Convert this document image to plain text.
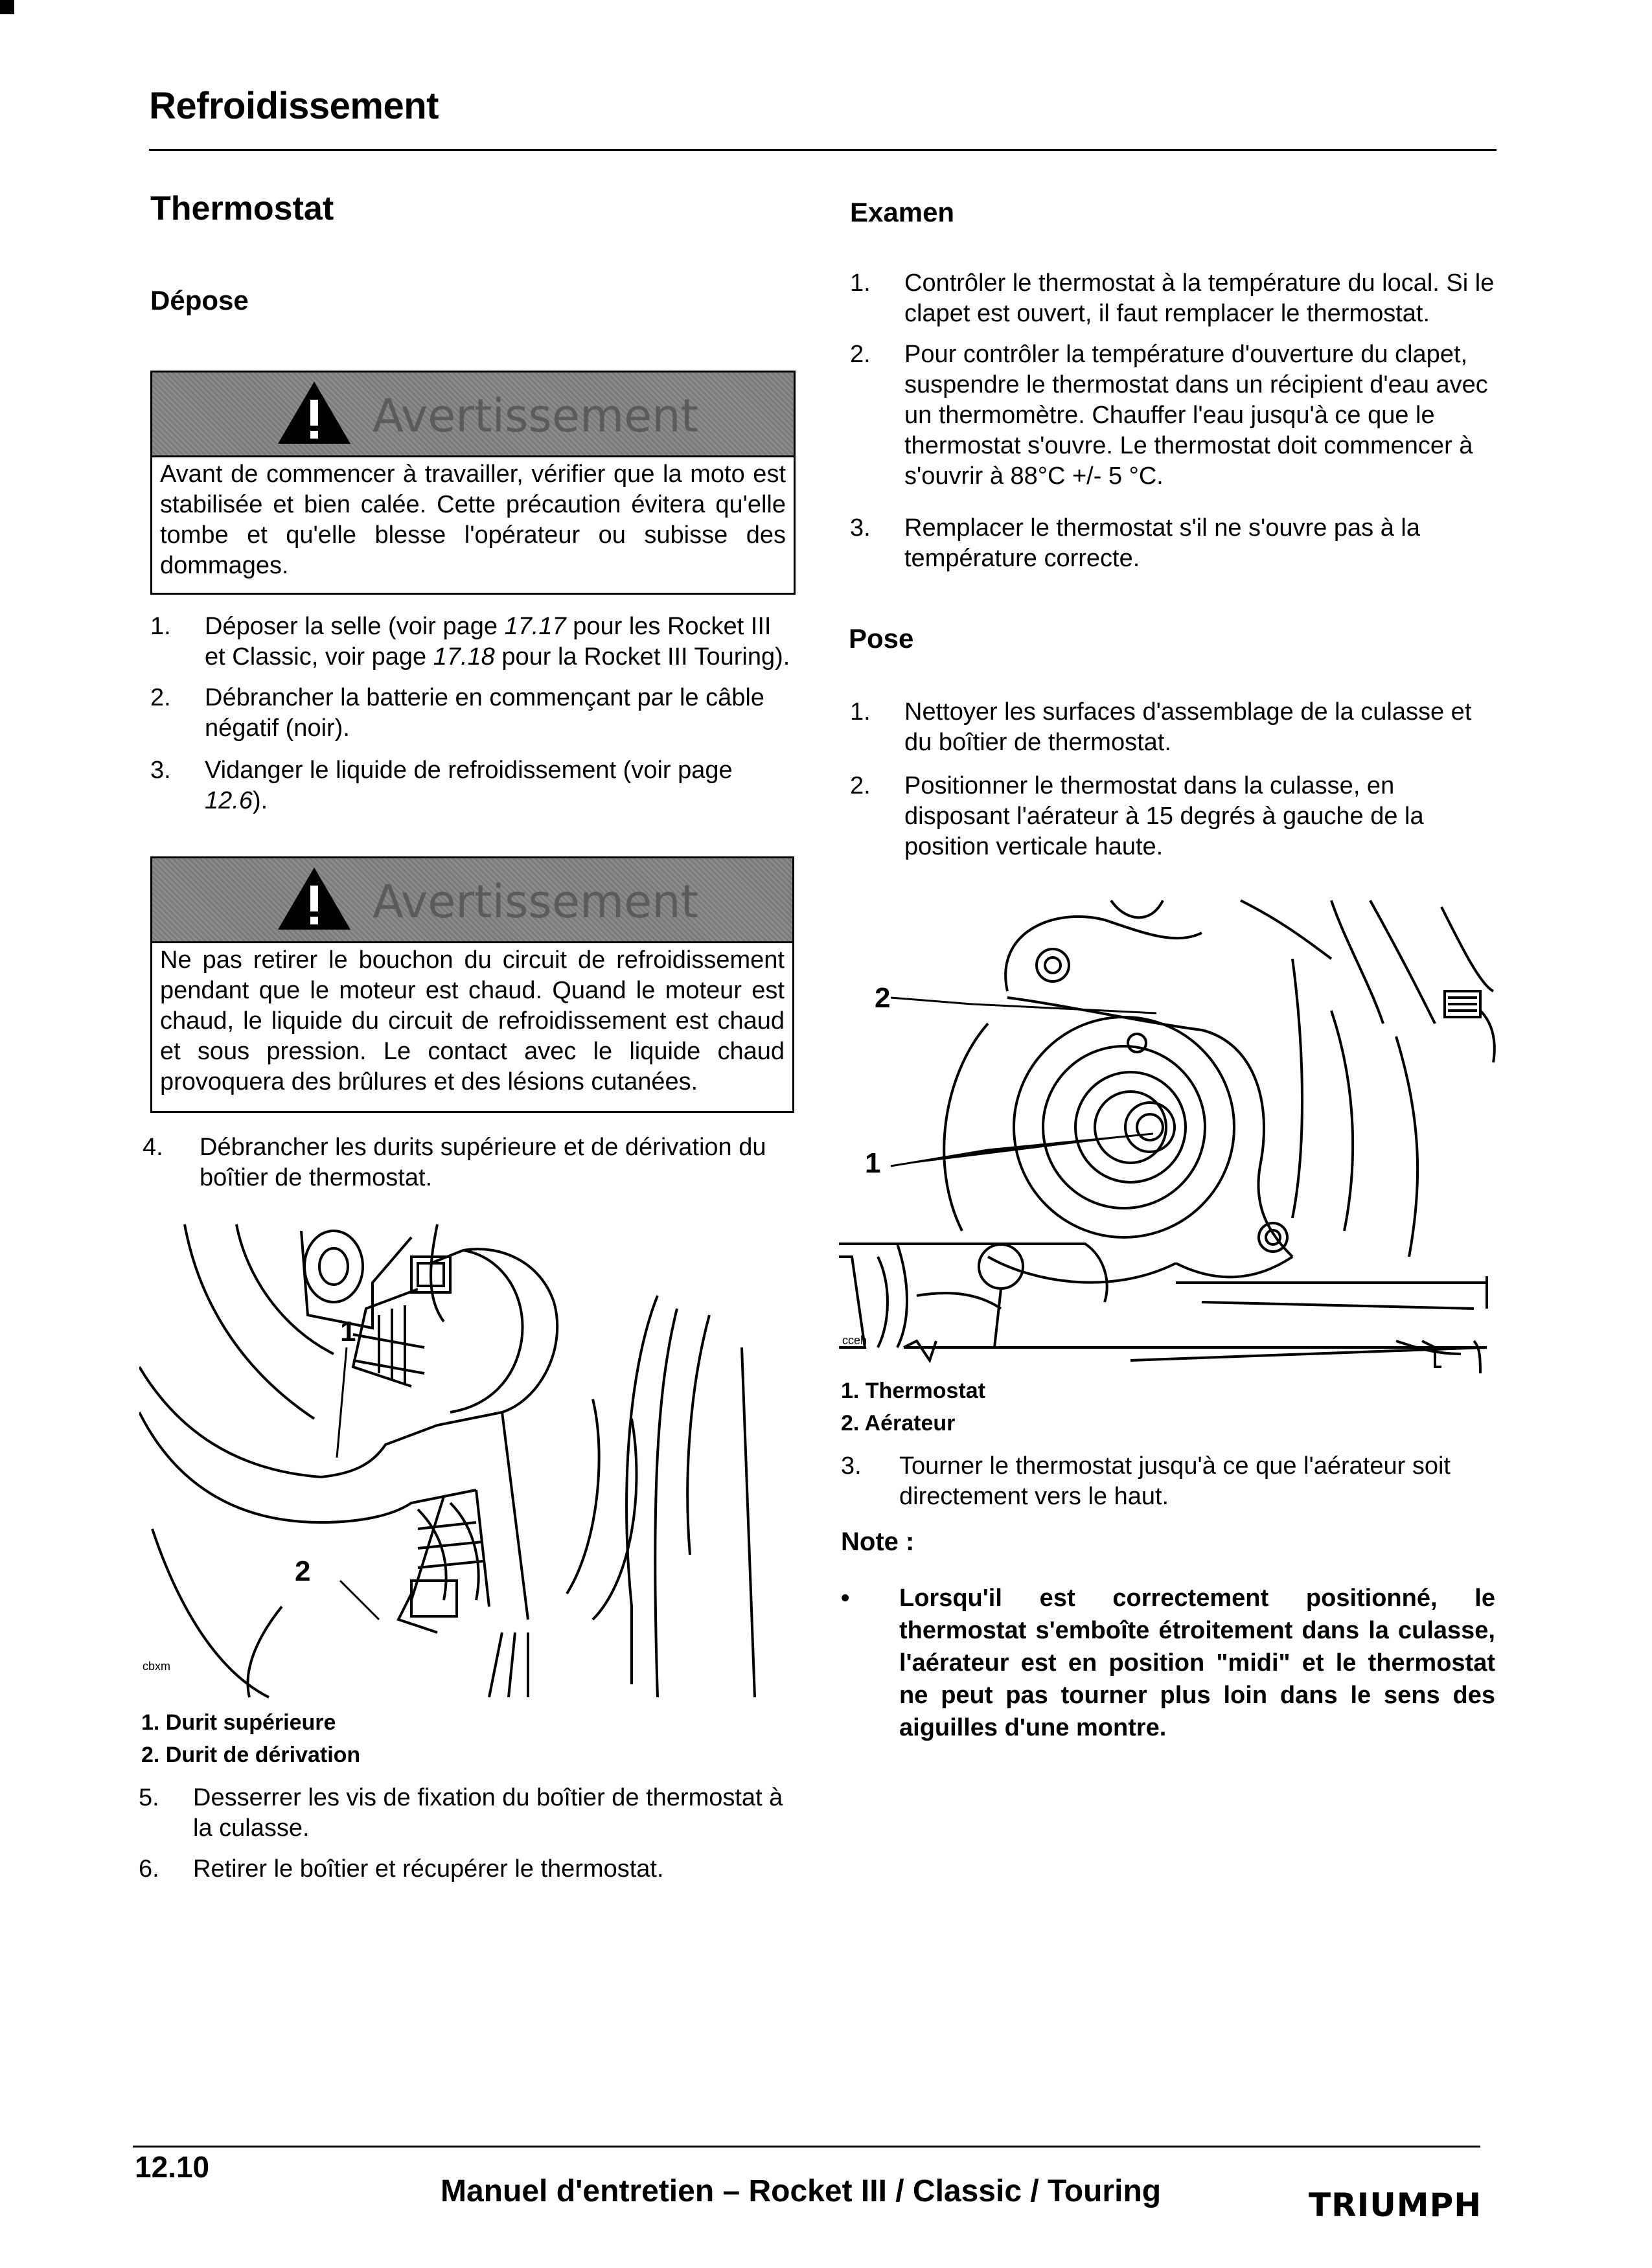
Refroidissement
Thermostat
Dépose
Avertissement
Avant de commencer à travailler, vérifier que la moto est stabilisée et bien calée. Cette précaution évitera qu'elle tombe et qu'elle blesse l'opérateur ou subisse des dommages.
1. Déposer la selle (voir page 17.17 pour les Rocket III et Classic, voir page 17.18 pour la Rocket III Touring).
2. Débrancher la batterie en commençant par le câble négatif (noir).
3. Vidanger le liquide de refroidissement (voir page 12.6).
Avertissement
Ne pas retirer le bouchon du circuit de refroidissement pendant que le moteur est chaud. Quand le moteur est chaud, le liquide du circuit de refroidissement est chaud et sous pression. Le contact avec le liquide chaud provoquera des brûlures et des lésions cutanées.
4. Débrancher les durits supérieure et de dérivation du boîtier de thermostat.
1
2
cbxm
1. Durit supérieure
2. Durit de dérivation
5. Desserrer les vis de fixation du boîtier de thermostat à la culasse.
6. Retirer le boîtier et récupérer le thermostat.
Examen
1. Contrôler le thermostat à la température du local. Si le clapet est ouvert, il faut remplacer le thermostat.
2. Pour contrôler la température d'ouverture du clapet, suspendre le thermostat dans un récipient d'eau avec un thermomètre. Chauffer l'eau jusqu'à ce que le thermostat s'ouvre. Le thermostat doit commencer à s'ouvrir à 88°C +/- 5 °C.
3. Remplacer le thermostat s'il ne s'ouvre pas à la température correcte.
Pose
1. Nettoyer les surfaces d'assemblage de la culasse et du boîtier de thermostat.
2. Positionner le thermostat dans la culasse, en disposant l'aérateur à 15 degrés à gauche de la position verticale haute.
2
1
cceh
1. Thermostat
2. Aérateur
3. Tourner le thermostat jusqu'à ce que l'aérateur soit directement vers le haut.
Note :
• Lorsqu'il est correctement positionné, le thermostat s'emboîte étroitement dans la culasse, l'aérateur est en position "midi" et le thermostat ne peut pas tourner plus loin dans le sens des aiguilles d'une montre.
12.10
Manuel d'entretien – Rocket III / Classic / Touring	TRIUMPH
